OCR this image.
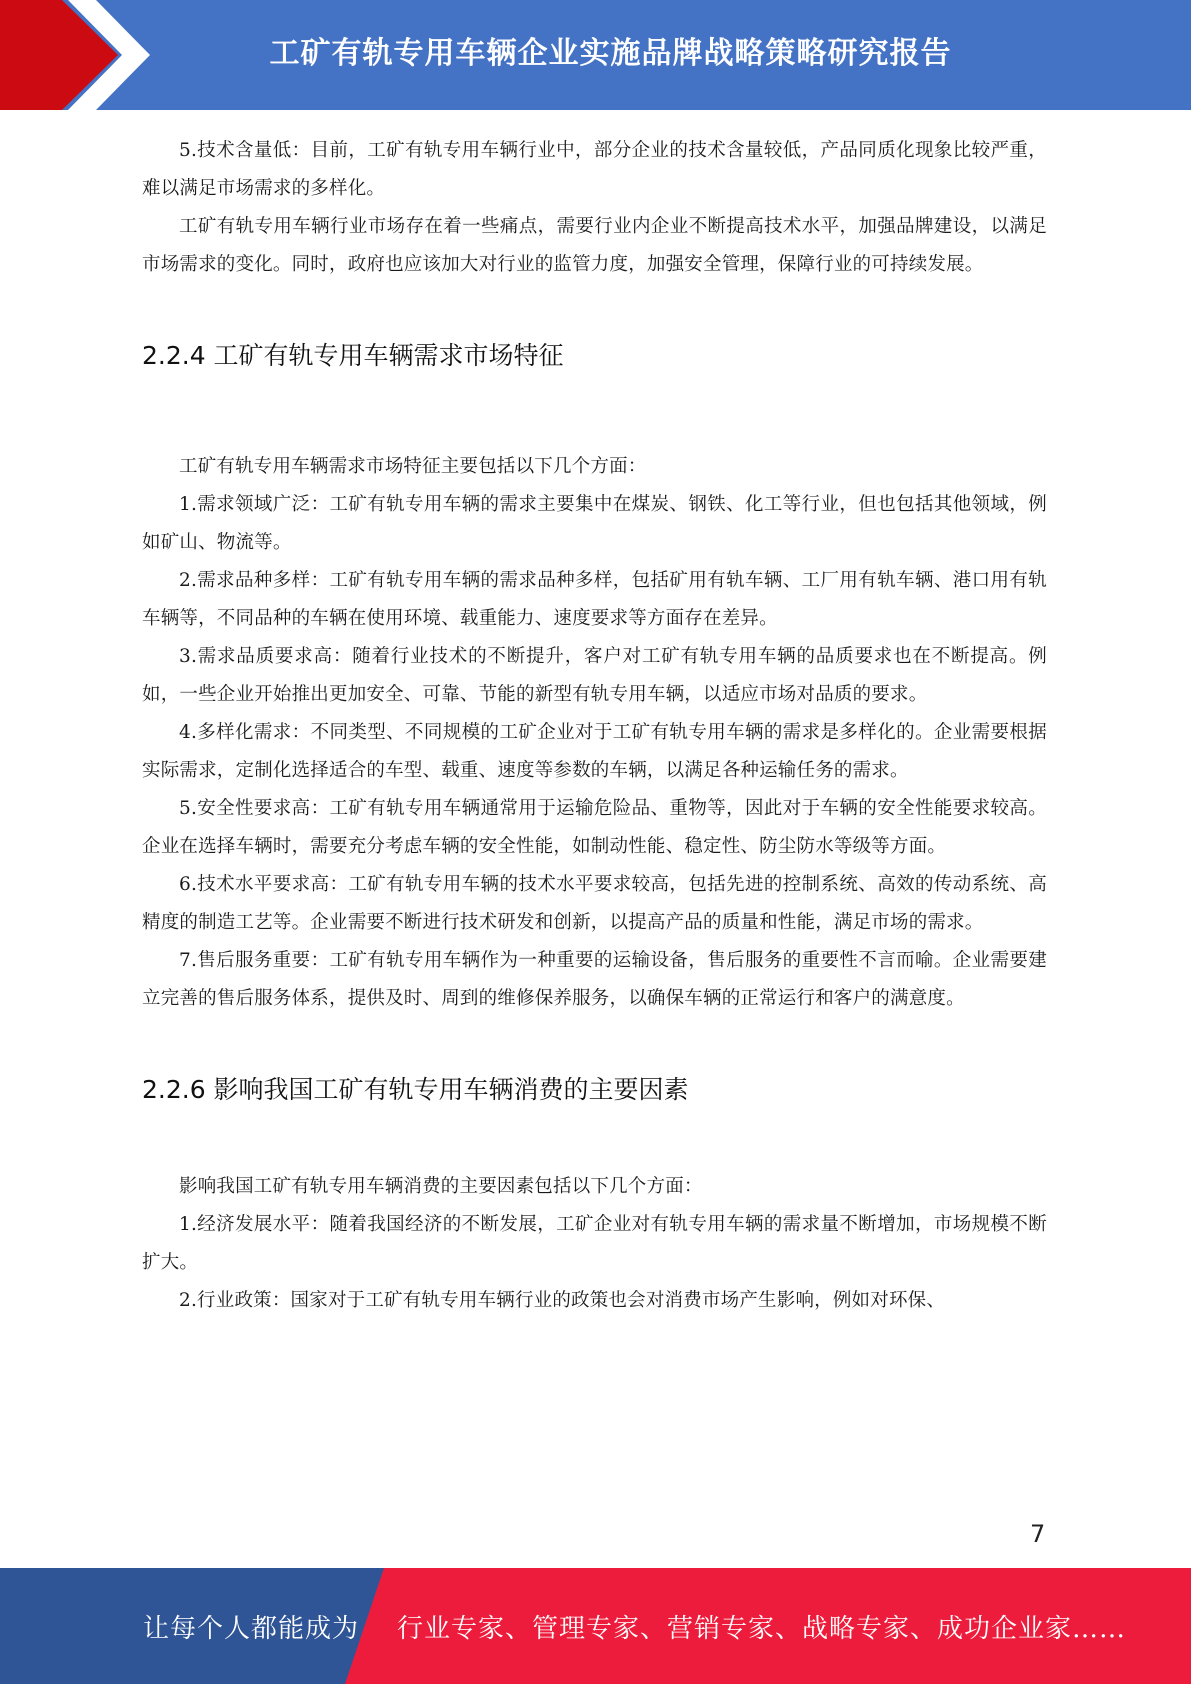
工矿有轨专用车辆企业实施品牌战略策略研究报告

5.技术含量低：目前，工矿有轨专用车辆行业中，部分企业的技术含量较低，产品同质化现象比较严重，难以满足市场需求的多样化。

工矿有轨专用车辆行业市场存在着一些痛点，需要行业内企业不断提高技术水平，加强品牌建设，以满足市场需求的变化。同时，政府也应该加大对行业的监管力度，加强安全管理，保障行业的可持续发展。

2.2.4 工矿有轨专用车辆需求市场特征

工矿有轨专用车辆需求市场特征主要包括以下几个方面：

1.需求领域广泛：工矿有轨专用车辆的需求主要集中在煤炭、钢铁、化工等行业，但也包括其他领域，例如矿山、物流等。

2.需求品种多样：工矿有轨专用车辆的需求品种多样，包括矿用有轨车辆、工厂用有轨车辆、港口用有轨车辆等，不同品种的车辆在使用环境、载重能力、速度要求等方面存在差异。

3.需求品质要求高：随着行业技术的不断提升，客户对工矿有轨专用车辆的品质要求也在不断提高。例如，一些企业开始推出更加安全、可靠、节能的新型有轨专用车辆，以适应市场对品质的要求。

4.多样化需求：不同类型、不同规模的工矿企业对于工矿有轨专用车辆的需求是多样化的。企业需要根据实际需求，定制化选择适合的车型、载重、速度等参数的车辆，以满足各种运输任务的需求。

5.安全性要求高：工矿有轨专用车辆通常用于运输危险品、重物等，因此对于车辆的安全性能要求较高。企业在选择车辆时，需要充分考虑车辆的安全性能，如制动性能、稳定性、防尘防水等级等方面。

6.技术水平要求高：工矿有轨专用车辆的技术水平要求较高，包括先进的控制系统、高效的传动系统、高精度的制造工艺等。企业需要不断进行技术研发和创新，以提高产品的质量和性能，满足市场的需求。

7.售后服务重要：工矿有轨专用车辆作为一种重要的运输设备，售后服务的重要性不言而喻。企业需要建立完善的售后服务体系，提供及时、周到的维修保养服务，以确保车辆的正常运行和客户的满意度。

2.2.6 影响我国工矿有轨专用车辆消费的主要因素

影响我国工矿有轨专用车辆消费的主要因素包括以下几个方面：

1.经济发展水平：随着我国经济的不断发展，工矿企业对有轨专用车辆的需求量不断增加，市场规模不断扩大。

2.行业政策：国家对于工矿有轨专用车辆行业的政策也会对消费市场产生影响，例如对环保、

7
让每个人都能成为 行业专家、管理专家、营销专家、战略专家、成功企业家……
